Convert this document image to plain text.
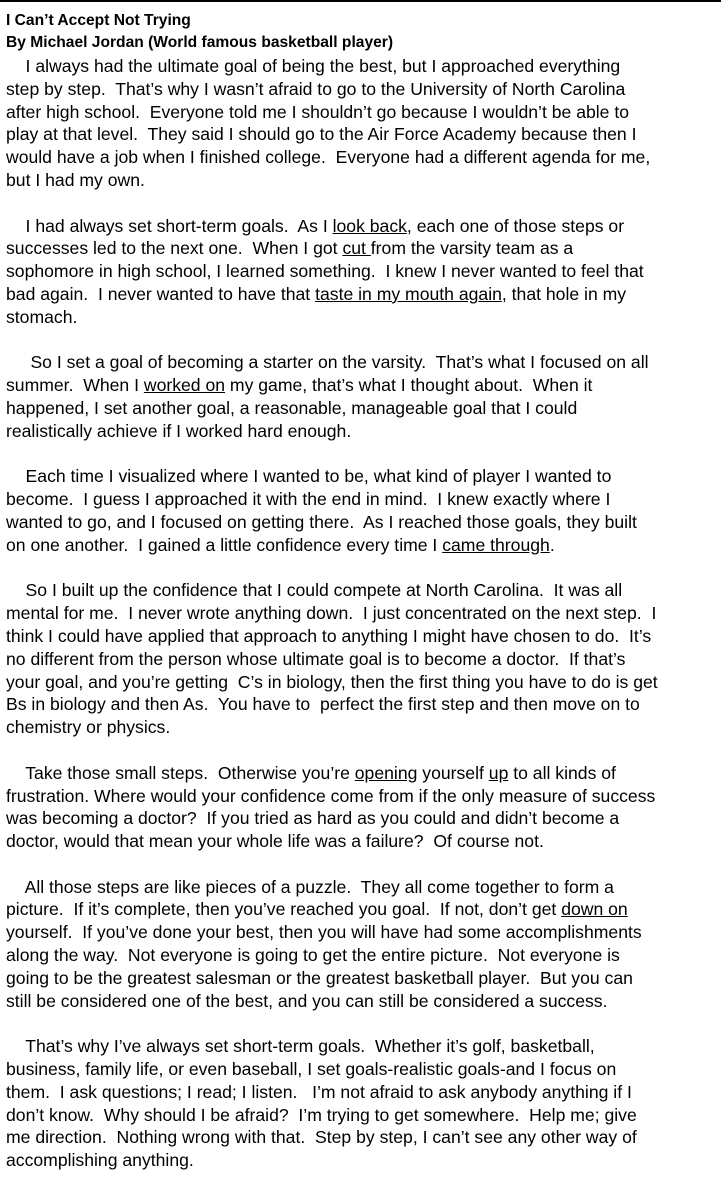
I Can’t Accept Not Trying

By Michael Jordan (World famous basketball player)

I always had the ultimate goal of being the best, but I approached everything
step by step.  That’s why I wasn’t afraid to go to the University of North Carolina
after high school.  Everyone told me I shouldn’t go because I wouldn’t be able to
play at that level.  They said I should go to the Air Force Academy because then I
would have a job when I finished college.  Everyone had a different agenda for me,
but I had my own.
I had always set short-term goals.  As I look back, each one of those steps or
successes led to the next one.  When I got cut from the varsity team as a
sophomore in high school, I learned something.  I knew I never wanted to feel that
bad again.  I never wanted to have that taste in my mouth again, that hole in my
stomach.
So I set a goal of becoming a starter on the varsity.  That’s what I focused on all
summer.  When I worked on my game, that’s what I thought about.  When it
happened, I set another goal, a reasonable, manageable goal that I could
realistically achieve if I worked hard enough.
Each time I visualized where I wanted to be, what kind of player I wanted to
become.  I guess I approached it with the end in mind.  I knew exactly where I
wanted to go, and I focused on getting there.  As I reached those goals, they built
on one another.  I gained a little confidence every time I came through.
So I built up the confidence that I could compete at North Carolina.  It was all
mental for me.  I never wrote anything down.  I just concentrated on the next step.  I
think I could have applied that approach to anything I might have chosen to do.  It’s
no different from the person whose ultimate goal is to become a doctor.  If that’s
your goal, and you’re getting  C’s in biology, then the first thing you have to do is get
Bs in biology and then As.  You have to  perfect the first step and then move on to
chemistry or physics.
Take those small steps.  Otherwise you’re opening yourself up to all kinds of
frustration. Where would your confidence come from if the only measure of success
was becoming a doctor?  If you tried as hard as you could and didn’t become a
doctor, would that mean your whole life was a failure?  Of course not.
All those steps are like pieces of a puzzle.  They all come together to form a
picture.  If it’s complete, then you’ve reached you goal.  If not, don’t get down on
yourself.  If you’ve done your best, then you will have had some accomplishments
along the way.  Not everyone is going to get the entire picture.  Not everyone is
going to be the greatest salesman or the greatest basketball player.  But you can
still be considered one of the best, and you can still be considered a success.
That’s why I’ve always set short-term goals.  Whether it’s golf, basketball,
business, family life, or even baseball, I set goals-realistic goals-and I focus on
them.  I ask questions; I read; I listen.   I’m not afraid to ask anybody anything if I
don’t know.  Why should I be afraid?  I’m trying to get somewhere.  Help me; give
me direction.  Nothing wrong with that.  Step by step, I can’t see any other way of
accomplishing anything.
